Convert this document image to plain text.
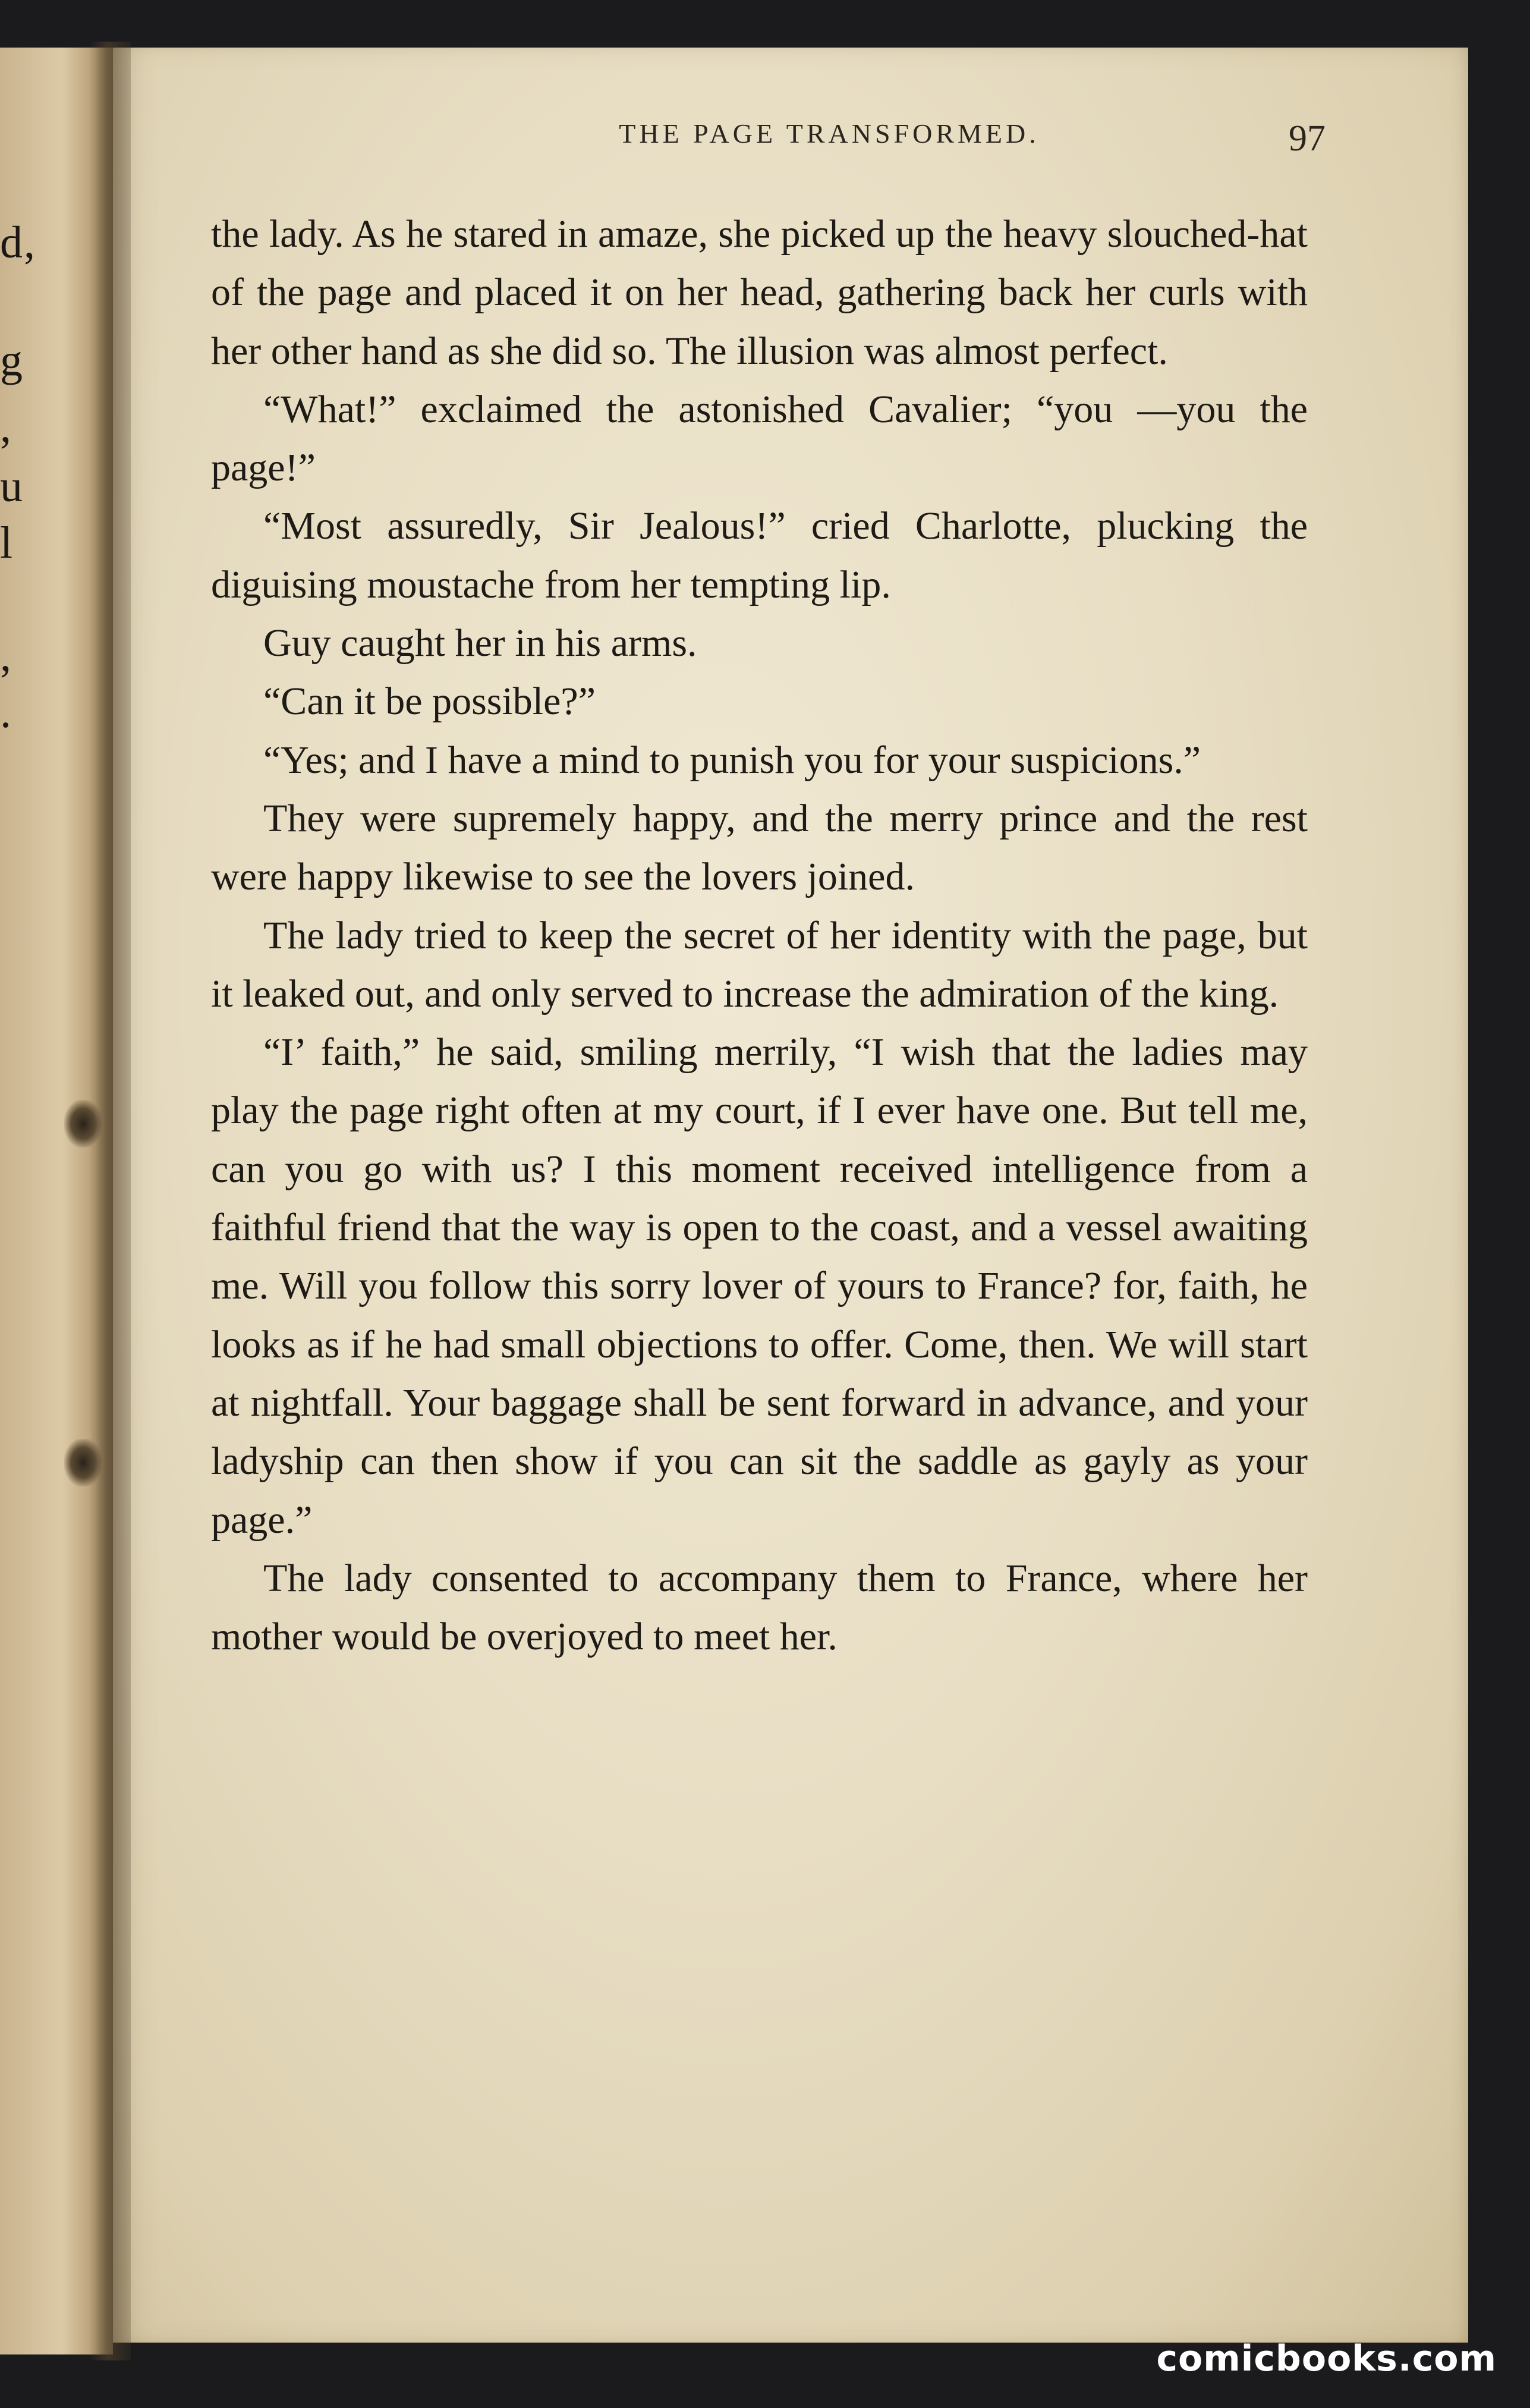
d,
g
,
u
l
,
.
THE PAGE TRANSFORMED.	97

the lady. As he stared in amaze, she picked up the heavy slouched-hat of the page and placed it on her head, gathering back her curls with her other hand as she did so. The illusion was almost perfect.

“What!” exclaimed the astonished Cavalier; “you —you the page!”

“Most assuredly, Sir Jealous!” cried Charlotte, plucking the diguising moustache from her tempting lip.

Guy caught her in his arms.

“Can it be possible?”

“Yes; and I have a mind to punish you for your suspicions.”

They were supremely happy, and the merry prince and the rest were happy likewise to see the lovers joined.

The lady tried to keep the secret of her identity with the page, but it leaked out, and only served to increase the admiration of the king.

“I’ faith,” he said, smiling merrily, “I wish that the ladies may play the page right often at my court, if I ever have one. But tell me, can you go with us? I this moment received intelligence from a faithful friend that the way is open to the coast, and a vessel awaiting me. Will you follow this sorry lover of yours to France? for, faith, he looks as if he had small objections to offer. Come, then. We will start at nightfall. Your baggage shall be sent forward in advance, and your ladyship can then show if you can sit the saddle as gayly as your page.”

The lady consented to accompany them to France, where her mother would be overjoyed to meet her.

comicbooks.com
